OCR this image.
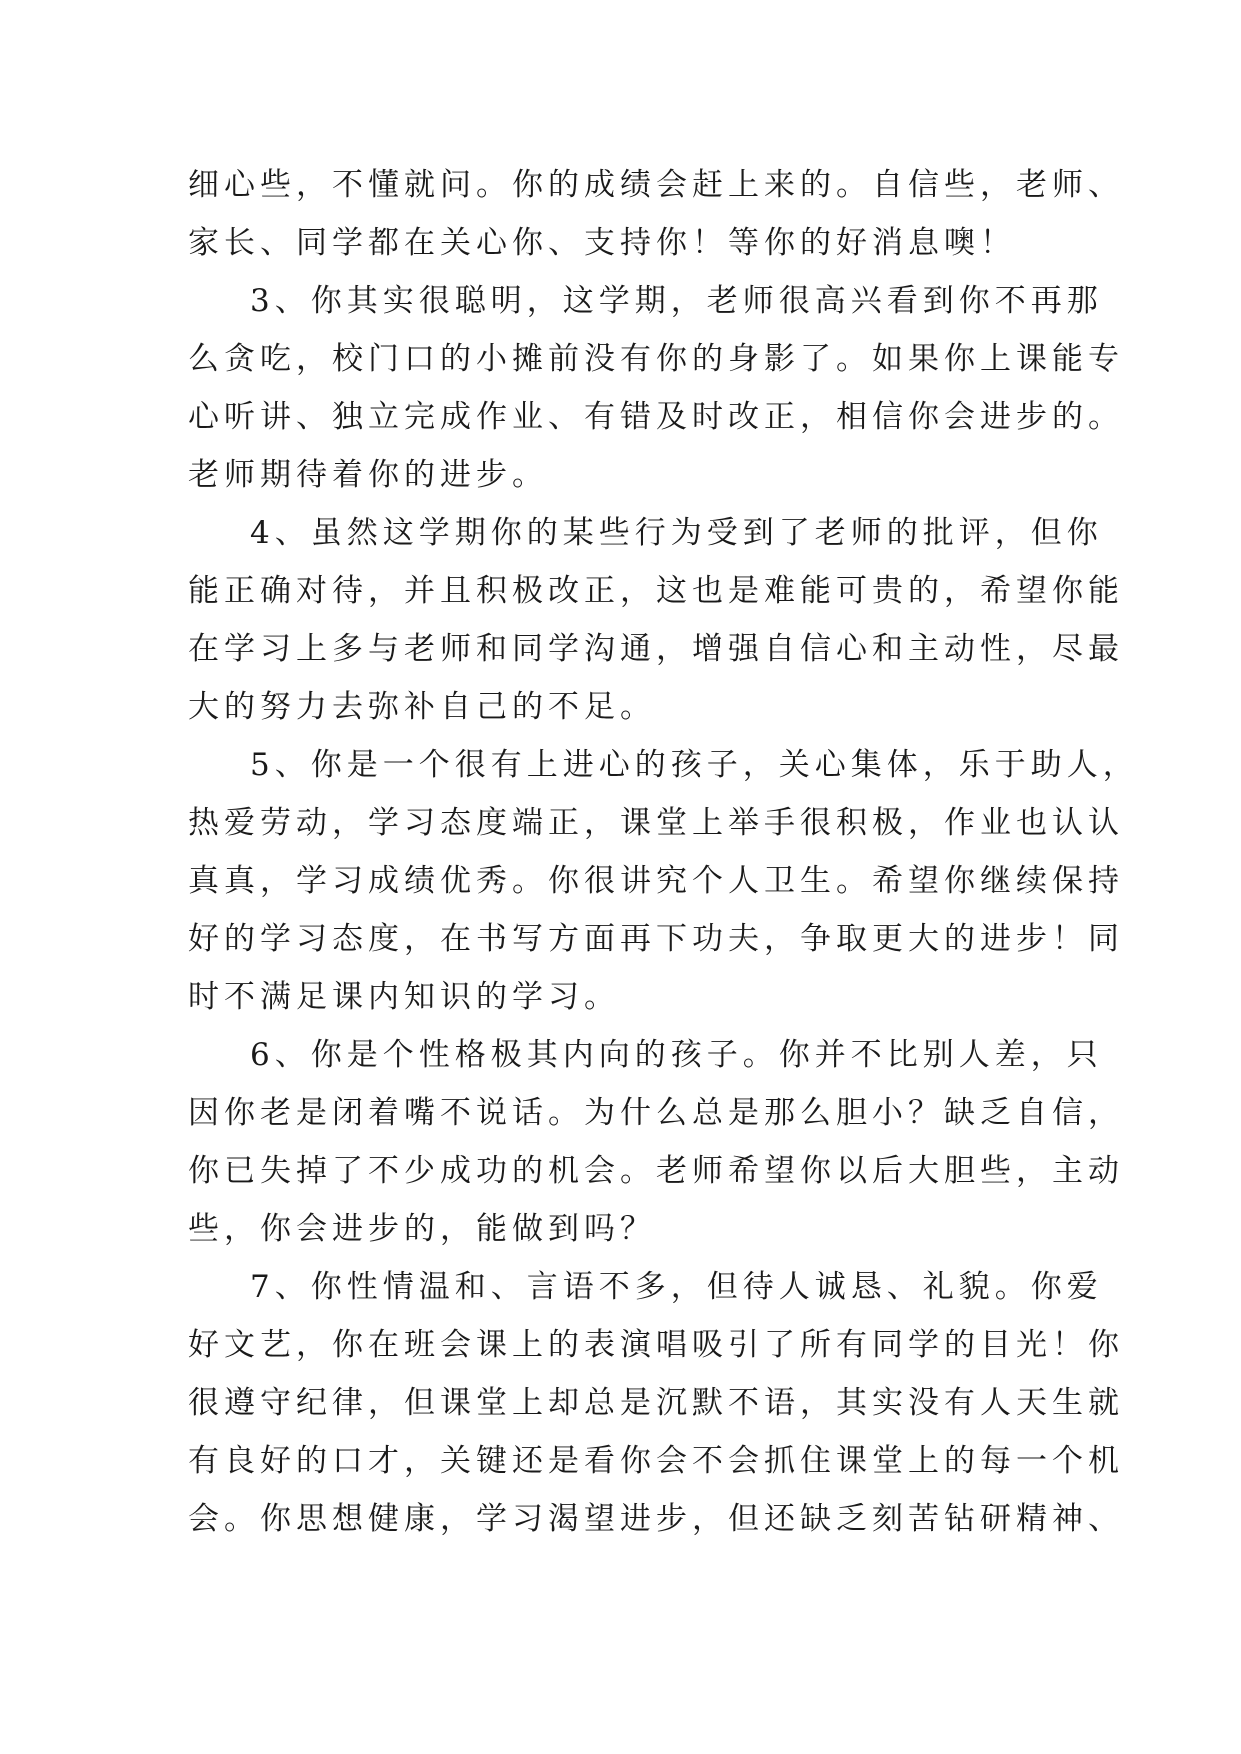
细心些，不懂就问。你的成绩会赶上来的。自信些，老师、
家长、同学都在关心你、支持你！等你的好消息噢！
3、你其实很聪明，这学期，老师很高兴看到你不再那
么贪吃，校门口的小摊前没有你的身影了。如果你上课能专
心听讲、独立完成作业、有错及时改正，相信你会进步的。
老师期待着你的进步。
4、虽然这学期你的某些行为受到了老师的批评，但你
能正确对待，并且积极改正，这也是难能可贵的，希望你能
在学习上多与老师和同学沟通，增强自信心和主动性，尽最
大的努力去弥补自己的不足。
5、你是一个很有上进心的孩子，关心集体，乐于助人，
热爱劳动，学习态度端正，课堂上举手很积极，作业也认认
真真，学习成绩优秀。你很讲究个人卫生。希望你继续保持
好的学习态度，在书写方面再下功夫，争取更大的进步！同
时不满足课内知识的学习。
6、你是个性格极其内向的孩子。你并不比别人差，只
因你老是闭着嘴不说话。为什么总是那么胆小？缺乏自信，
你已失掉了不少成功的机会。老师希望你以后大胆些，主动
些，你会进步的，能做到吗？
7、你性情温和、言语不多，但待人诚恳、礼貌。你爱
好文艺，你在班会课上的表演唱吸引了所有同学的目光！你
很遵守纪律，但课堂上却总是沉默不语，其实没有人天生就
有良好的口才，关键还是看你会不会抓住课堂上的每一个机
会。你思想健康，学习渴望进步，但还缺乏刻苦钻研精神、
